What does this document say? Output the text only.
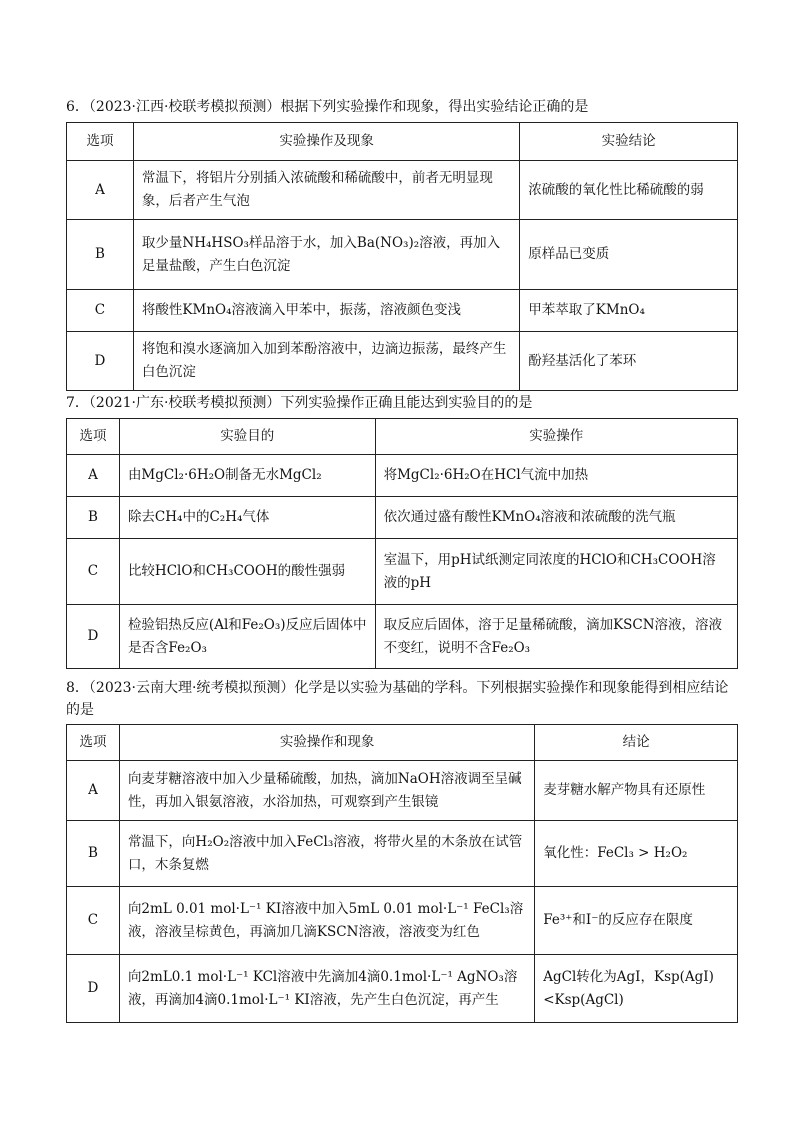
6．（2023·江西·校联考模拟预测）根据下列实验操作和现象，得出实验结论正确的是
选项	实验操作及现象	实验结论
A	常温下，将铝片分别插入浓硫酸和稀硫酸中，前者无明显现象，后者产生气泡	浓硫酸的氧化性比稀硫酸的弱
B	取少量NH₄HSO₃样品溶于水，加入Ba(NO₃)₂溶液，再加入足量盐酸，产生白色沉淀	原样品已变质
C	将酸性KMnO₄溶液滴入甲苯中，振荡，溶液颜色变浅	甲苯萃取了KMnO₄
D	将饱和溴水逐滴加入加到苯酚溶液中，边滴边振荡，最终产生白色沉淀	酚羟基活化了苯环
7．（2021·广东·校联考模拟预测）下列实验操作正确且能达到实验目的的是
选项	实验目的	实验操作
A	由MgCl₂·6H₂O制备无水MgCl₂	将MgCl₂·6H₂O在HCl气流中加热
B	除去CH₄中的C₂H₄气体	依次通过盛有酸性KMnO₄溶液和浓硫酸的洗气瓶
C	比较HClO和CH₃COOH的酸性强弱	室温下，用pH试纸测定同浓度的HClO和CH₃COOH溶液的pH
D	检验铝热反应(Al和Fe₂O₃)反应后固体中是否含Fe₂O₃	取反应后固体，溶于足量稀硫酸，滴加KSCN溶液，溶液不变红，说明不含Fe₂O₃
8．（2023·云南大理·统考模拟预测）化学是以实验为基础的学科。下列根据实验操作和现象能得到相应结论的是
选项	实验操作和现象	结论
A	向麦芽糖溶液中加入少量稀硫酸，加热，滴加NaOH溶液调至呈碱性，再加入银氨溶液，水浴加热，可观察到产生银镜	麦芽糖水解产物具有还原性
B	常温下，向H₂O₂溶液中加入FeCl₃溶液，将带火星的木条放在试管口，木条复燃	氧化性：FeCl₃ > H₂O₂
C	向2mL 0.01 mol·L⁻¹ KI溶液中加入5mL 0.01 mol·L⁻¹ FeCl₃溶液，溶液呈棕黄色，再滴加几滴KSCN溶液，溶液变为红色	Fe³⁺和I⁻的反应存在限度
D	向2mL0.1 mol·L⁻¹ KCl溶液中先滴加4滴0.1mol·L⁻¹ AgNO₃溶液，再滴加4滴0.1mol·L⁻¹ KI溶液，先产生白色沉淀，再产生	AgCl转化为AgI，Ksp(AgI)<Ksp(AgCl)
